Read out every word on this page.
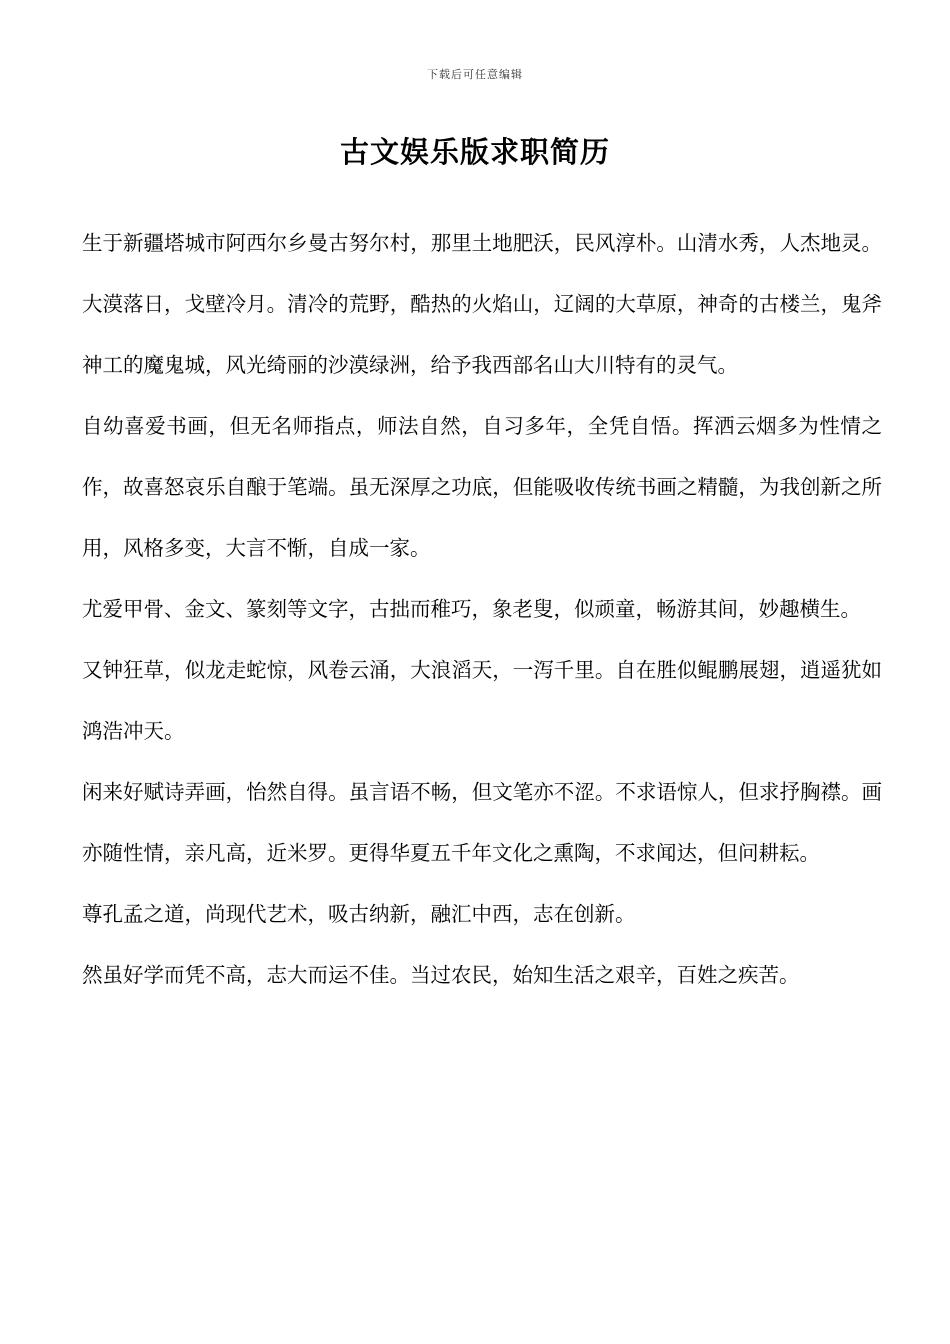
下载后可任意编辑
古文娱乐版求职简历

生于新疆塔城市阿西尔乡曼古努尔村，那里土地肥沃，民风淳朴。山清水秀，人杰地灵。大漠落日，戈壁冷月。清冷的荒野，酷热的火焰山，辽阔的大草原，神奇的古楼兰，鬼斧神工的魔鬼城，风光绮丽的沙漠绿洲，给予我西部名山大川特有的灵气。

自幼喜爱书画，但无名师指点，师法自然，自习多年，全凭自悟。挥洒云烟多为性情之作，故喜怒哀乐自酿于笔端。虽无深厚之功底，但能吸收传统书画之精髓，为我创新之所用，风格多变，大言不惭，自成一家。

尤爱甲骨、金文、篆刻等文字，古拙而稚巧，象老叟，似顽童，畅游其间，妙趣横生。

又钟狂草，似龙走蛇惊，风卷云涌，大浪滔天，一泻千里。自在胜似鲲鹏展翅，逍遥犹如鸿浩冲天。

闲来好赋诗弄画，怡然自得。虽言语不畅，但文笔亦不涩。不求语惊人，但求抒胸襟。画亦随性情，亲凡高，近米罗。更得华夏五千年文化之熏陶，不求闻达，但问耕耘。

尊孔孟之道，尚现代艺术，吸古纳新，融汇中西，志在创新。

然虽好学而凭不高，志大而运不佳。当过农民，始知生活之艰辛，百姓之疾苦。
